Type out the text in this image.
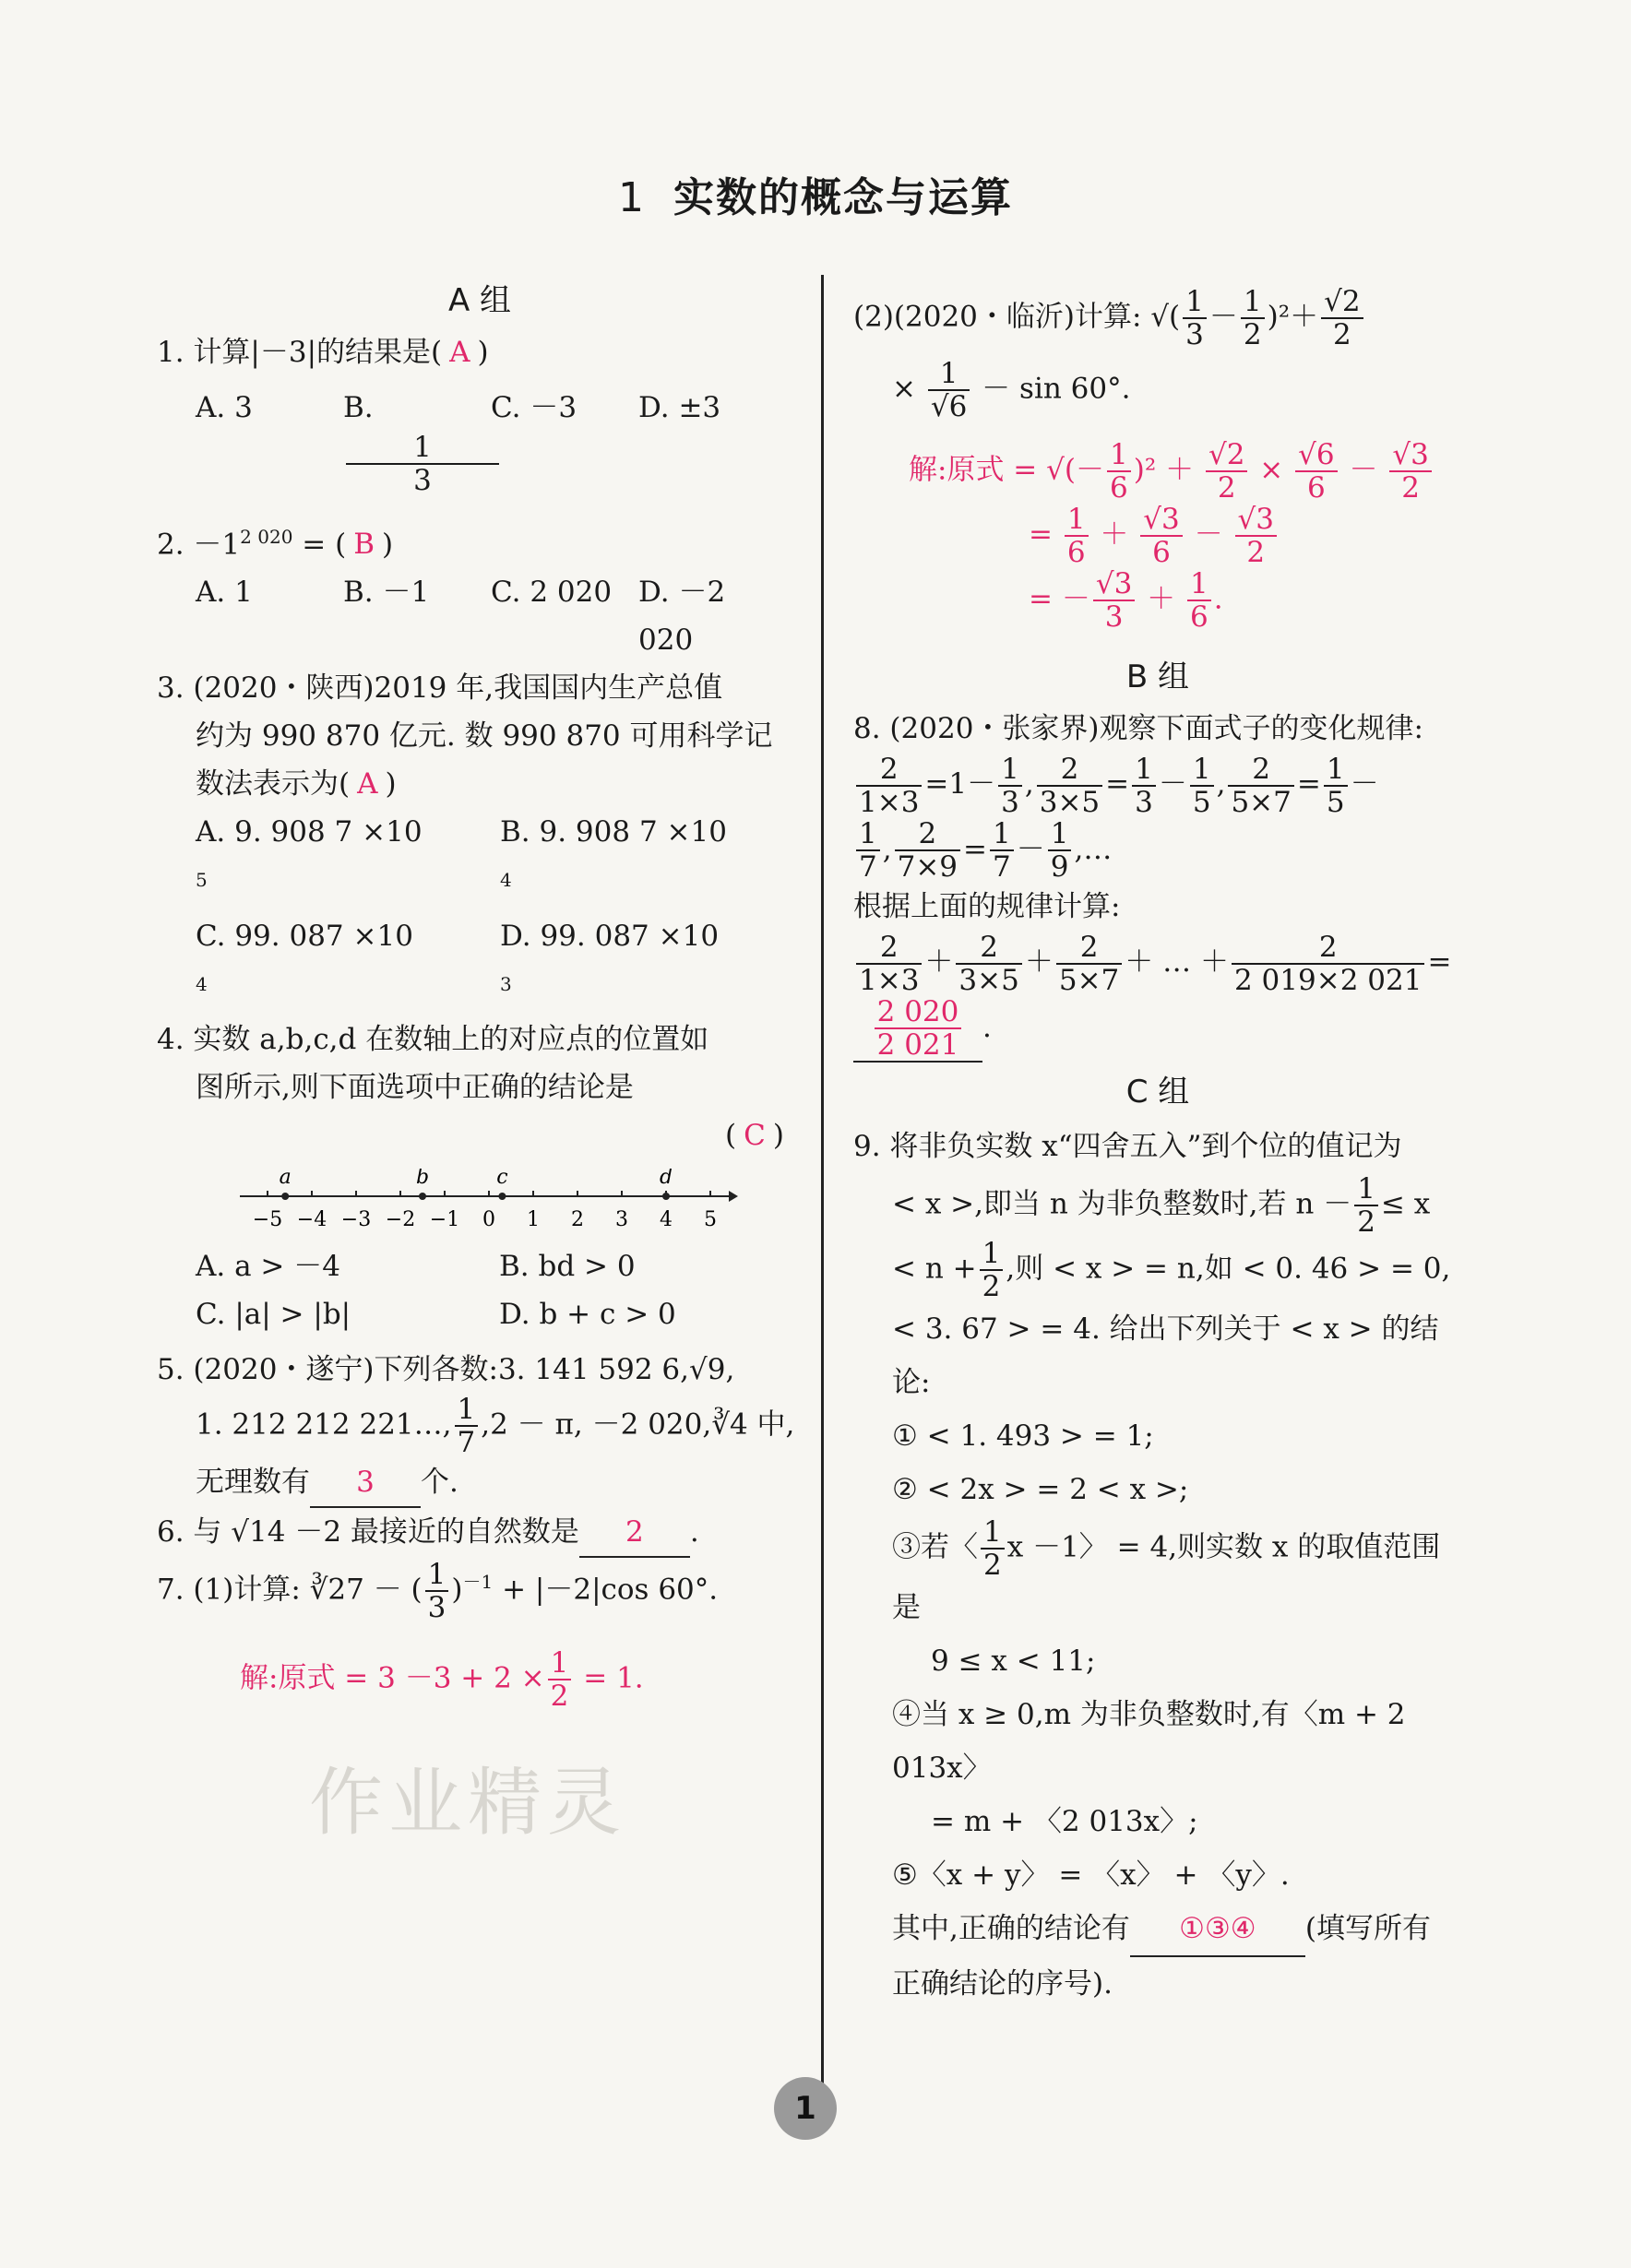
1 实数的概念与运算
作业精灵
A 组
1. 计算|－3|的结果是( A )
A. 3	$B.\frac{1}{3}$
C. －3	D. ±3
2. $-1^{2 020}$ = ( B )
A. 1	B. －1	C. 2 020 D. －2 020
3. (2020・陕西)2019 年,我国国内生产总值
约为 990 870 亿元. 数 990 870 可用科学记
数法表示为( A )
A. 9. 908 7 ×105
B. 9. 908 7 ×104
C. 99. 087 ×104
D. 99. 087 ×103
4. 实数 a,b,c,d 在数轴上的对应点的位置如
图所示,则下面选项中正确的结论是
( C )
−5 −4 −3 −2 −1 0 1 2 3 4 5
a	b	c	d
A. a > －4	B. bd > 0
C. |a| > |b|	D. b + c > 0
5. (2020・遂宁)下列各数:3. 141 592 6,√9,
1. 212 212 221…, $\frac{1}{7} ,2 - \pi$, －2 020,∛4 中,
无理数有 3 个.
6. 与 √14 －2 最接近的自然数是 2 .
7. (1)计算: ∛27 － ( $\frac{1}{3} )^{-1} + |-2|\cos$ 60°.
解:原式 = $3 -3 + 2 \times \frac{1}{2} = 1$.
(2)(2020・临沂)计算: √( $\frac{1}{3} - \frac{1}{2} )^2+ \frac{√2}{2}$
× $\frac{1}{√6} - \sin 60^\circ$.
解:原式 = √(－ $\frac{1}{6} )^2 + \frac{√2}{2} \times \frac{√6}{6} - \frac{√3}{2}$
= $\frac{1}{6} + \frac{√3}{6} - \frac{√3}{2}$
= － $\frac{√3}{3} + \frac{1}{6}$ .
B 组
8. (2020・张家界)观察下面式子的变化规律:
$\frac{2}{1\times 3} =1- \frac{1}{3}$ , $\frac{2}{3\times 5} = \frac{1}{3} - \frac{1}{5}$ , $\frac{2}{5\times 7} = \frac{1}{5}$ －
$\frac{1}{7}$ , $\frac{2}{7\times 9} = \frac{1}{7} - \frac{1}{9}$ ,…
根据上面的规律计算:
$\frac{2}{1\times 3} + \frac{2}{3\times 5} + \frac{2}{5\times 7}$ ＋ … ＋ $\frac{2}{2 019\times 2 021}$ =
$\frac{2 020}{2 021}$ .
C 组
9. 将非负实数 x“四舍五入”到个位的值记为
< x >,即当 n 为非负整数时,若 $n - \frac{1}{2} \le x$
< $n + \frac{1}{2}$ ,则 < x > = n,如 < 0. 46 > = 0,
< 3. 67 > = 4. 给出下列关于 < x > 的结论:
① < 1. 493 > = 1;
② < 2x > = 2 < x >;
③若〈 $\frac{1}{2}$ x －1〉 = 4,则实数 x 的取值范围是
9 ≤ x < 11;
④当 x ≥ 0,m 为非负整数时,有〈m + 2 013x〉
= m + 〈2 013x〉;
⑤〈x + y〉 = 〈x〉 + 〈y〉.
其中,正确的结论有 ①③④ (填写所有
正确结论的序号).
1
